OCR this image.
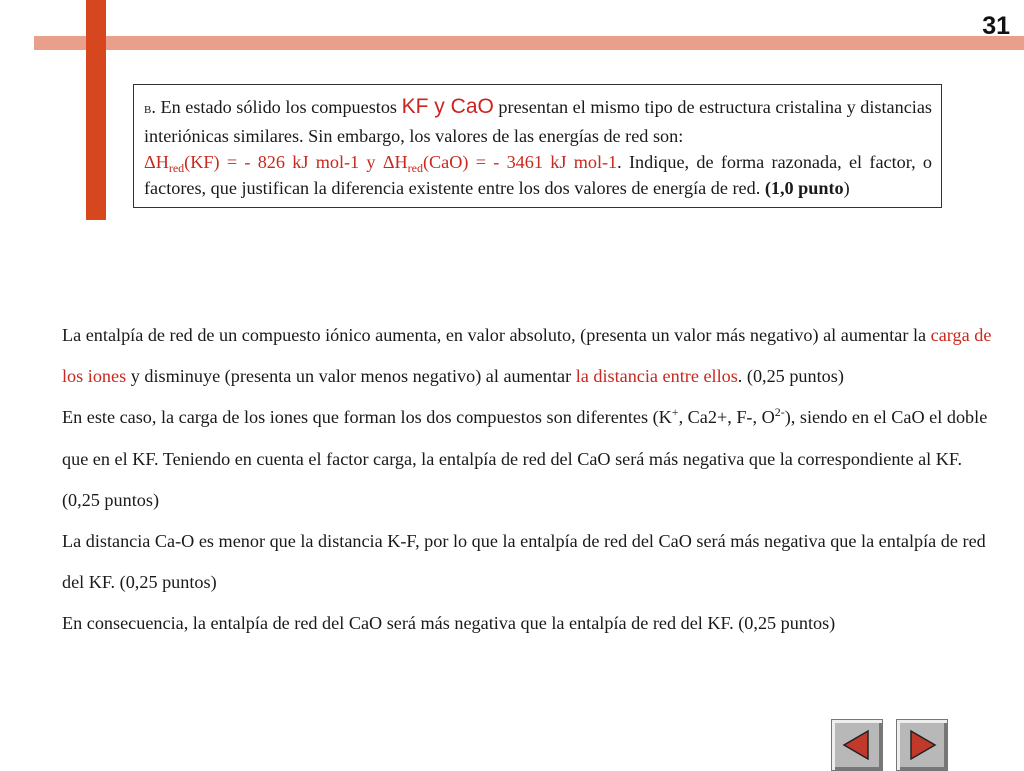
31
B. En estado sólido los compuestos KF y CaO presentan el mismo tipo de estructura cristalina y distancias interiónicas similares. Sin embargo, los valores de las energías de red son:
$\Delta H_{red}(KF)$ = - 826 kJ mol-1 y $\Delta H_{red}(CaO)$ = - 3461 kJ mol-1. Indique, de forma razonada, el factor, o factores, que justifican la diferencia existente entre los dos valores de energía de red. (1,0 punto)

La entalpía de red de un compuesto iónico aumenta, en valor absoluto, (presenta un valor más negativo) al aumentar la carga de los iones y disminuye (presenta un valor menos negativo) al aumentar la distancia entre ellos. (0,25 puntos)

En este caso, la carga de los iones que forman los dos compuestos son diferentes (K+, Ca2+, F-, $O^{2-}$), siendo en el CaO el doble que en el KF. Teniendo en cuenta el factor carga, la entalpía de red del CaO será más negativa que la correspondiente al KF. (0,25 puntos)

La distancia Ca-O es menor que la distancia K-F, por lo que la entalpía de red del CaO será más negativa que la entalpía de red del KF. (0,25 puntos)

En consecuencia, la entalpía de red del CaO será más negativa que la entalpía de red del KF. (0,25 puntos)
